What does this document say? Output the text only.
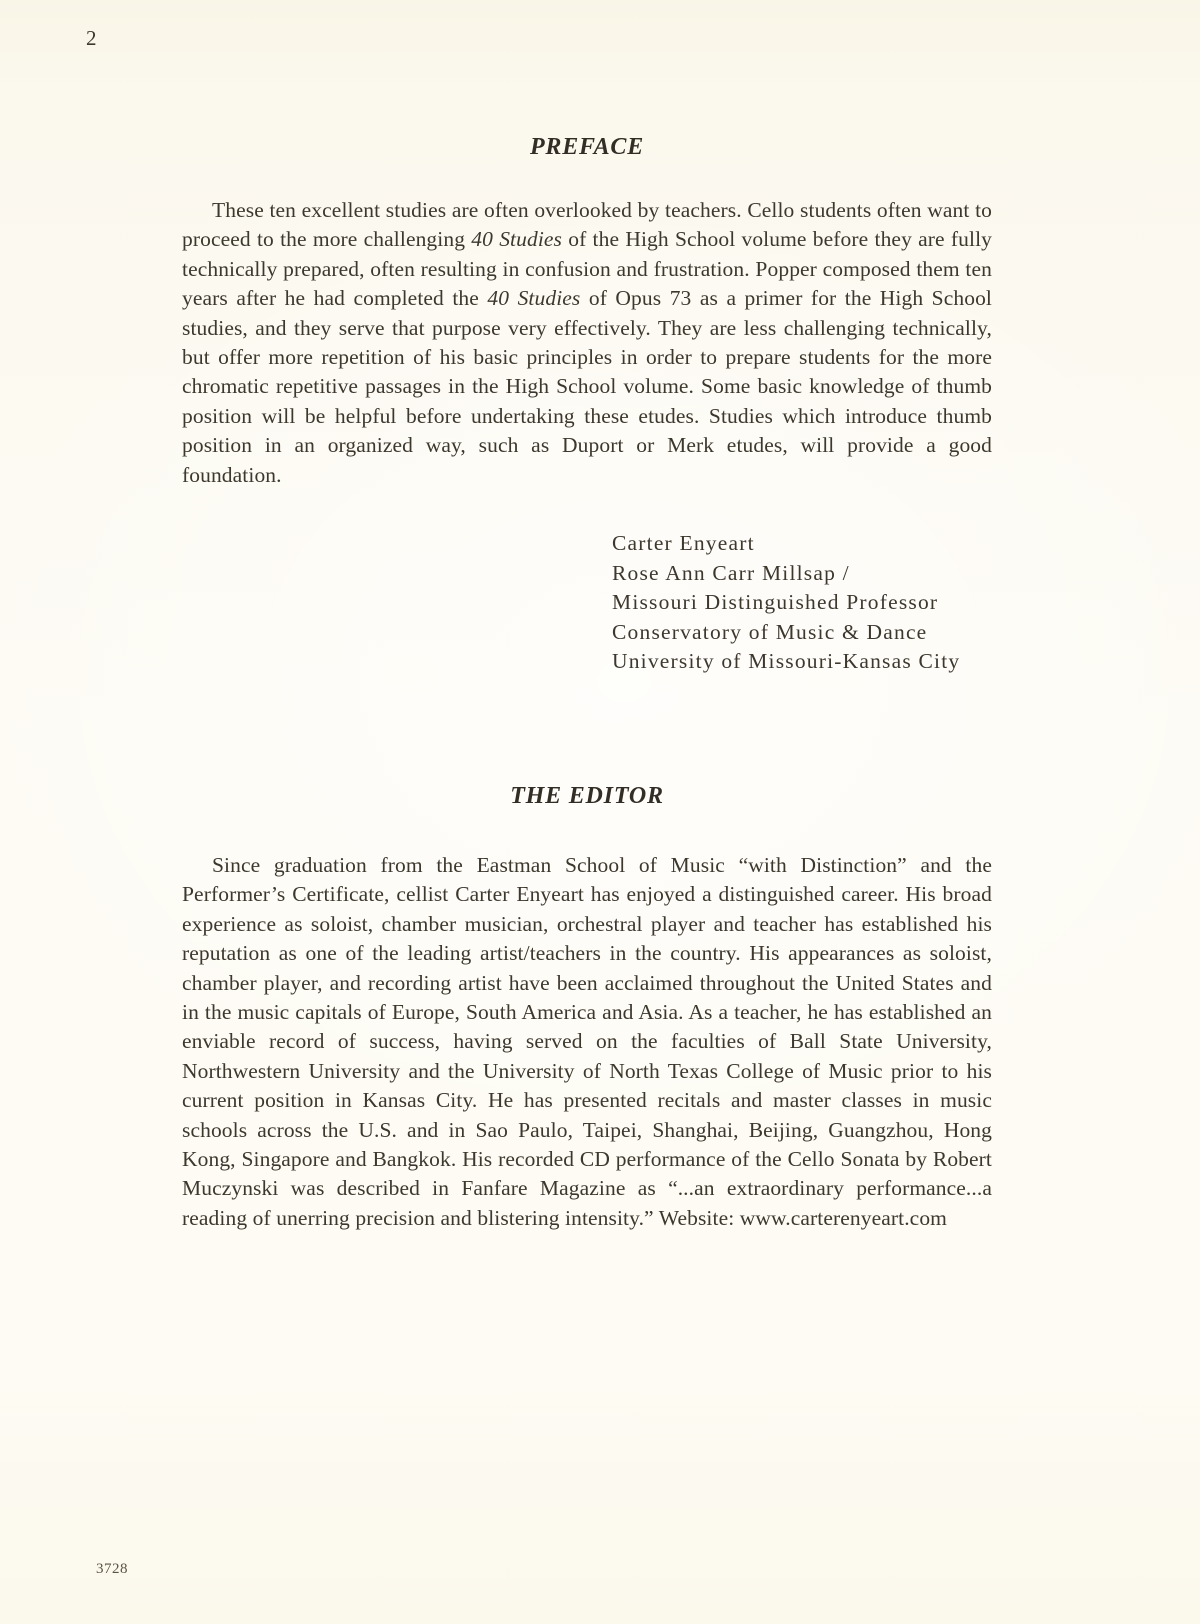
2
PREFACE

These ten excellent studies are often overlooked by teachers. Cello students often want to proceed to the more challenging 40 Studies of the High School volume before they are fully technically prepared, often resulting in confusion and frustration. Popper composed them ten years after he had completed the 40 Studies of Opus 73 as a primer for the High School studies, and they serve that purpose very effectively. They are less challenging technically, but offer more repetition of his basic principles in order to prepare students for the more chromatic repetitive passages in the High School volume. Some basic knowledge of thumb position will be helpful before undertaking these etudes. Studies which introduce thumb position in an organized way, such as Duport or Merk etudes, will provide a good foundation.

Carter Enyeart
Rose Ann Carr Millsap /
Missouri Distinguished Professor
Conservatory of Music & Dance
University of Missouri-Kansas City
THE EDITOR

Since graduation from the Eastman School of Music “with Distinction” and the Performer’s Certificate, cellist Carter Enyeart has enjoyed a distinguished career. His broad experience as soloist, chamber musician, orchestral player and teacher has established his reputation as one of the leading artist/teachers in the country. His appearances as soloist, chamber player, and recording artist have been acclaimed throughout the United States and in the music capitals of Europe, South America and Asia. As a teacher, he has established an enviable record of success, having served on the faculties of Ball State University, Northwestern University and the University of North Texas College of Music prior to his current position in Kansas City. He has presented recitals and master classes in music schools across the U.S. and in Sao Paulo, Taipei, Shanghai, Beijing, Guangzhou, Hong Kong, Singapore and Bangkok. His recorded CD performance of the Cello Sonata by Robert Muczynski was described in Fanfare Magazine as “...an extraordinary performance...a reading of unerring precision and blistering intensity.” Website: www.carterenyeart.com

3728
